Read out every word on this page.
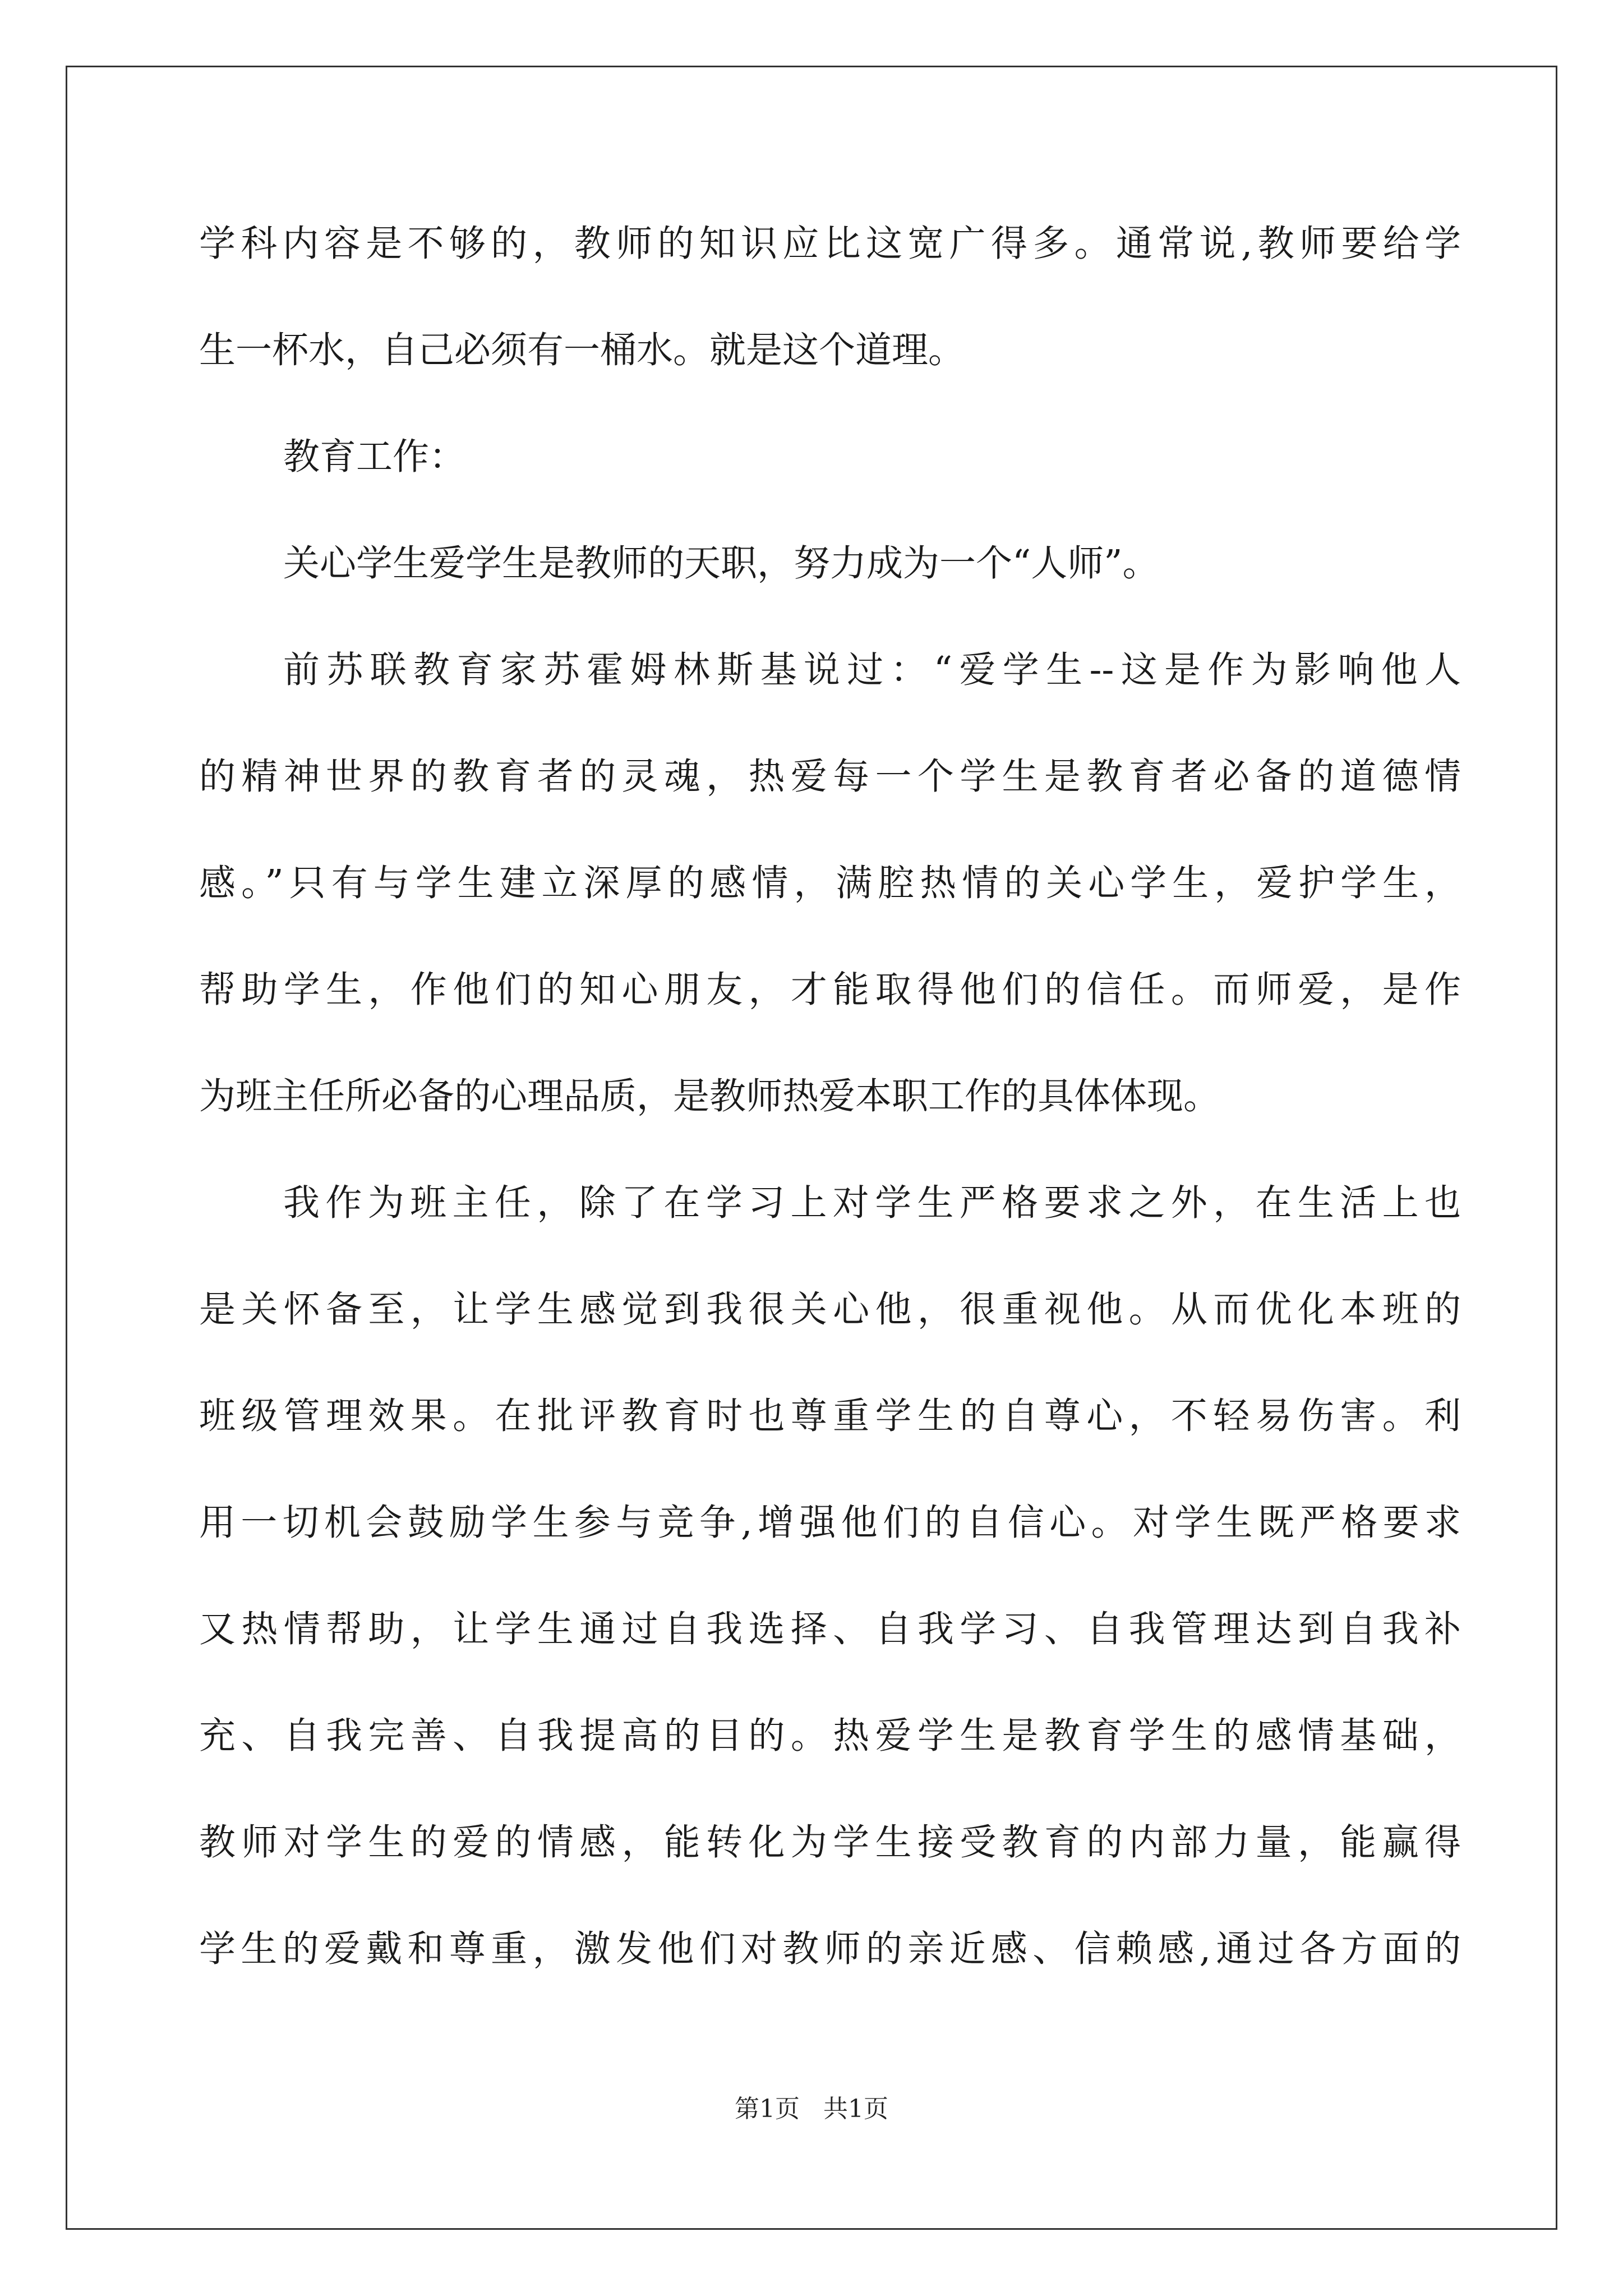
学科内容是不够的，教师的知识应比这宽广得多。通常说,教师要给学
生一杯水，自己必须有一桶水。就是这个道理。
教育工作：
关心学生爱学生是教师的天职，努力成为一个“人师”。
前苏联教育家苏霍姆林斯基说过：“爱学生--这是作为影响他人
的精神世界的教育者的灵魂，热爱每一个学生是教育者必备的道德情
感。”只有与学生建立深厚的感情，满腔热情的关心学生，爱护学生，
帮助学生，作他们的知心朋友，才能取得他们的信任。而师爱，是作
为班主任所必备的心理品质，是教师热爱本职工作的具体体现。
我作为班主任，除了在学习上对学生严格要求之外，在生活上也
是关怀备至，让学生感觉到我很关心他，很重视他。从而优化本班的
班级管理效果。在批评教育时也尊重学生的自尊心，不轻易伤害。利
用一切机会鼓励学生参与竞争,增强他们的自信心。对学生既严格要求
又热情帮助，让学生通过自我选择、自我学习、自我管理达到自我补
充、自我完善、自我提高的目的。热爱学生是教育学生的感情基础，
教师对学生的爱的情感，能转化为学生接受教育的内部力量，能赢得
学生的爱戴和尊重，激发他们对教师的亲近感、信赖感,通过各方面的
第1页 共1页
